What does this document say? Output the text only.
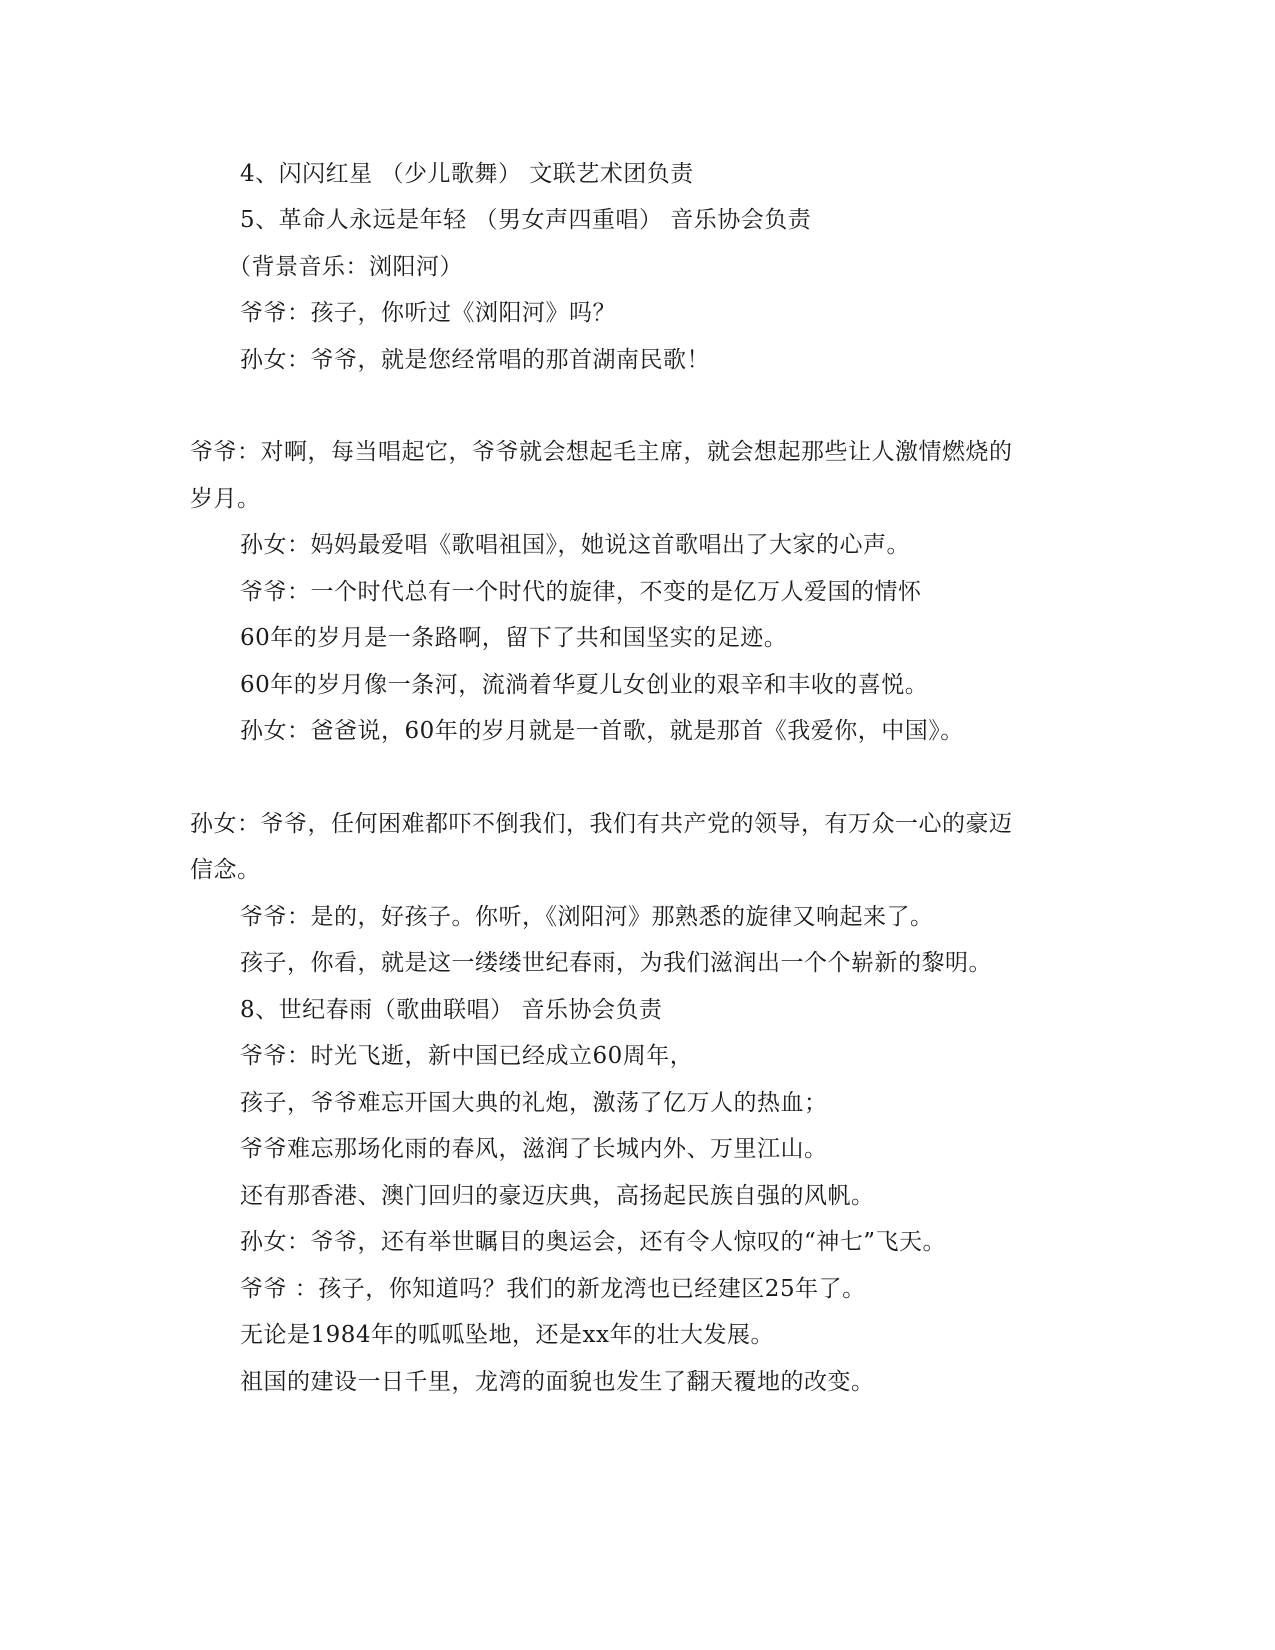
4、闪闪红星 （少儿歌舞） 文联艺术团负责
5、革命人永远是年轻 （男女声四重唱） 音乐协会负责
（背景音乐：浏阳河）
爷爷：孩子，你听过《浏阳河》吗？
孙女：爷爷，就是您经常唱的那首湖南民歌！
爷爷：对啊，每当唱起它，爷爷就会想起毛主席，就会想起那些让人激情燃烧的
岁月。
孙女：妈妈最爱唱《歌唱祖国》，她说这首歌唱出了大家的心声。
爷爷：一个时代总有一个时代的旋律，不变的是亿万人爱国的情怀
60年的岁月是一条路啊，留下了共和国坚实的足迹。
60年的岁月像一条河，流淌着华夏儿女创业的艰辛和丰收的喜悦。
孙女：爸爸说，60年的岁月就是一首歌，就是那首《我爱你，中国》。
孙女：爷爷，任何困难都吓不倒我们，我们有共产党的领导，有万众一心的豪迈
信念。
爷爷：是的，好孩子。你听，《浏阳河》那熟悉的旋律又响起来了。
孩子，你看，就是这一缕缕世纪春雨，为我们滋润出一个个崭新的黎明。
8、世纪春雨（歌曲联唱） 音乐协会负责
爷爷：时光飞逝，新中国已经成立60周年，
孩子，爷爷难忘开国大典的礼炮，激荡了亿万人的热血；
爷爷难忘那场化雨的春风，滋润了长城内外、万里江山。
还有那香港、澳门回归的豪迈庆典，高扬起民族自强的风帆。
孙女：爷爷，还有举世瞩目的奥运会，还有令人惊叹的“神七”飞天。
爷爷 ：孩子，你知道吗？我们的新龙湾也已经建区25年了。
无论是1984年的呱呱坠地，还是xx年的壮大发展。
祖国的建设一日千里，龙湾的面貌也发生了翻天覆地的改变。
